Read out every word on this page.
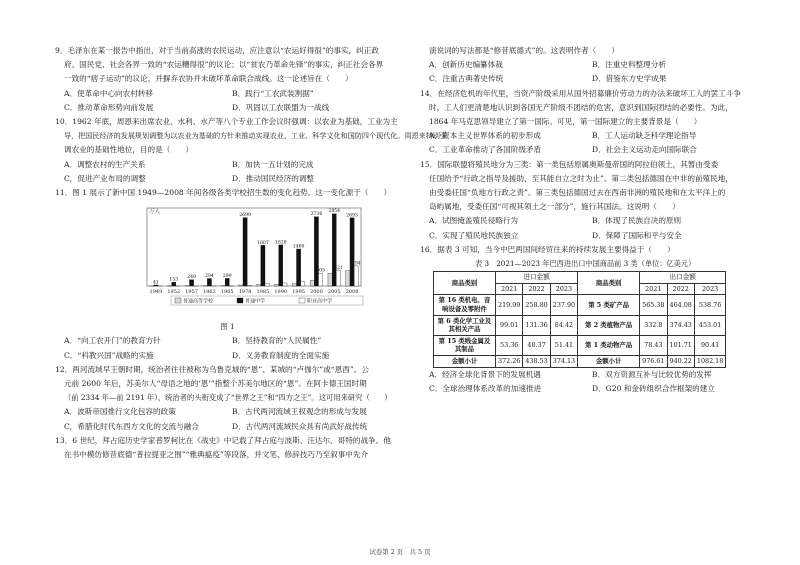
9．毛泽东在某一报告中指出，对于当前高涨的农民运动，应注意以“农运好得很”的事实，纠正政

府、国民党、社会各界一致的“农运糟得很”的议论；以“贫农乃革命先锋”的事实，纠正社会各界

一致的“痞子运动”的议论，并摒弃农协并未破坏革命联合战线。这一论述旨在（　　）

A．使革命中心向农村转移	B．践行“工农武装割据”
C．推动革命形势向前发展	D．巩固以工农联盟为一战线

10．1962 年底，周恩来出席农业、水利、水产等八个专业工作会议时强调：以农业为基础，工业为主

导，把国民经济的发展规划调整为以农业为基础的方针来推动实现农业、工业、科学文化和国防四个现代化。周恩来特别强

调农业的基础性地位，目的是（　　）

A．调整农村的生产关系	B．加快一五计划的完成
C．促进产业布局的调整	D．推动国民经济的调整

11．图 1 展示了新中国 1949—2008 年间各级各类学校招生数的变化趋势。这一变化源于（　　）

万人
41
1949
153
1952
249
1957
294
1962
299
1965
2699
1978
1607
1985
1620
1990
1460
1995
2736
505
2000
2854
621
2005
2693
794
2008
普通高等学校	普通中学	职业高中学
图 1
A．“向工农开门”的教育方针	B．坚持教育的“人民属性”
C．“科教兴国”战略的实施	D．义务教育制度的全面实施

12．两河流域早王朝时期，统治者往往被称为乌鲁克城的“恩”、某城的“卢伽尔”或“恩西”。公

元前 2600 年后，苏美尔人“母语之地的‘恩’”指整个苏美尔地区的“恩”。在阿卡德王国时期

（前 2334 年—前 2191 年），统治者的头衔变成了“世界之王”和“四方之王”。这可用来研究（　　）

A．波斯帝国推行文化包容的政策	B．古代两河流域王权观念的形成与发展
C．希腊化时代东西方文化的交流与融合	D．古代两河流域民众具有尚武好战传统

13．6 世纪，拜占庭历史学家普罗柯比在《战史》中记载了拜占庭与波斯、汪达尔、哥特的战争。他

在书中模仿修昔底德“普拉提亚之围”“雅典瘟疫”等段落，并文笔、修辞技巧乃至叙事中先介

演说词的写法都是“修昔底德式”的。这表明作者（　　）

A．创新历史编纂体裁	B．注重史料整理分析
C．注重古典著史传统	D．借鉴东方史学成果

14．在经济危机的年代里，当资产阶级采用从国外招募廉价劳动力的办法来破坏工人的罢工斗争

时，工人们更清楚地认识到各国无产阶级不团结的危害，意识到国际团结的必要性。为此，

1864 年马克思领导建立了第一国际。可见，第一国际建立的主要背景是（　　）

A．资本主义世界体系的初步形成	B．工人运动缺乏科学理论指导
C．工业革命推动了各国阶级矛盾	D．社会主义运动走向国际联合

15．国际联盟将殖民地分为三类：第一类包括原属奥斯曼帝国的阿拉伯领土，其暂由受委

任国给予“行政之指导及援助，至其能自立之时为止”。第二类包括德国在中非的前殖民地，

由受委任国“负地方行政之责”。第三类包括德国过去在西南非洲的殖民地和在太平洋上的

岛屿属地，受委任国“可视其领土之一部分”，施行其国法。这说明（　　）

A．试图掩盖殖民侵略行为	B．体现了民族自决的原则
C．实现了殖民地民族独立	D．保障了国际和平与安全

16．据表 3 可知，当今中巴两国间经贸往来的持续发展主要得益于（　　）

表 3　2021—2023 年巴西进出口中国商品前 3 类（单位：亿美元）

商品类别	进口金额			商品类别	出口金额		
	2021	2022	2023		2021	2022	2023
第 16 类机电、音响设备及零附件	219.99	258.80	237.90	第 5 类矿产品	565.38	464.08	538.76
第 6 类化学工业及其相关产品	99.01	131.36	84.42	第 2 类植物产品	332.8	374.43	453.01
第 15 类贱金属及其制品	53.36	48.37	51.41	第 1 类动物产品	78.43	101.71	90.41
金额小计	372.26	438.53	374.13	金额小计	976.61	940.22	1082.18
A．经济全球化背景下的发展机遇	B．双方资源互补与比较优势的发挥
C．全球治理体系改革的加速推进	D．G20 和金砖组织合作框架的建立
试卷第 2 页　共 5 页
